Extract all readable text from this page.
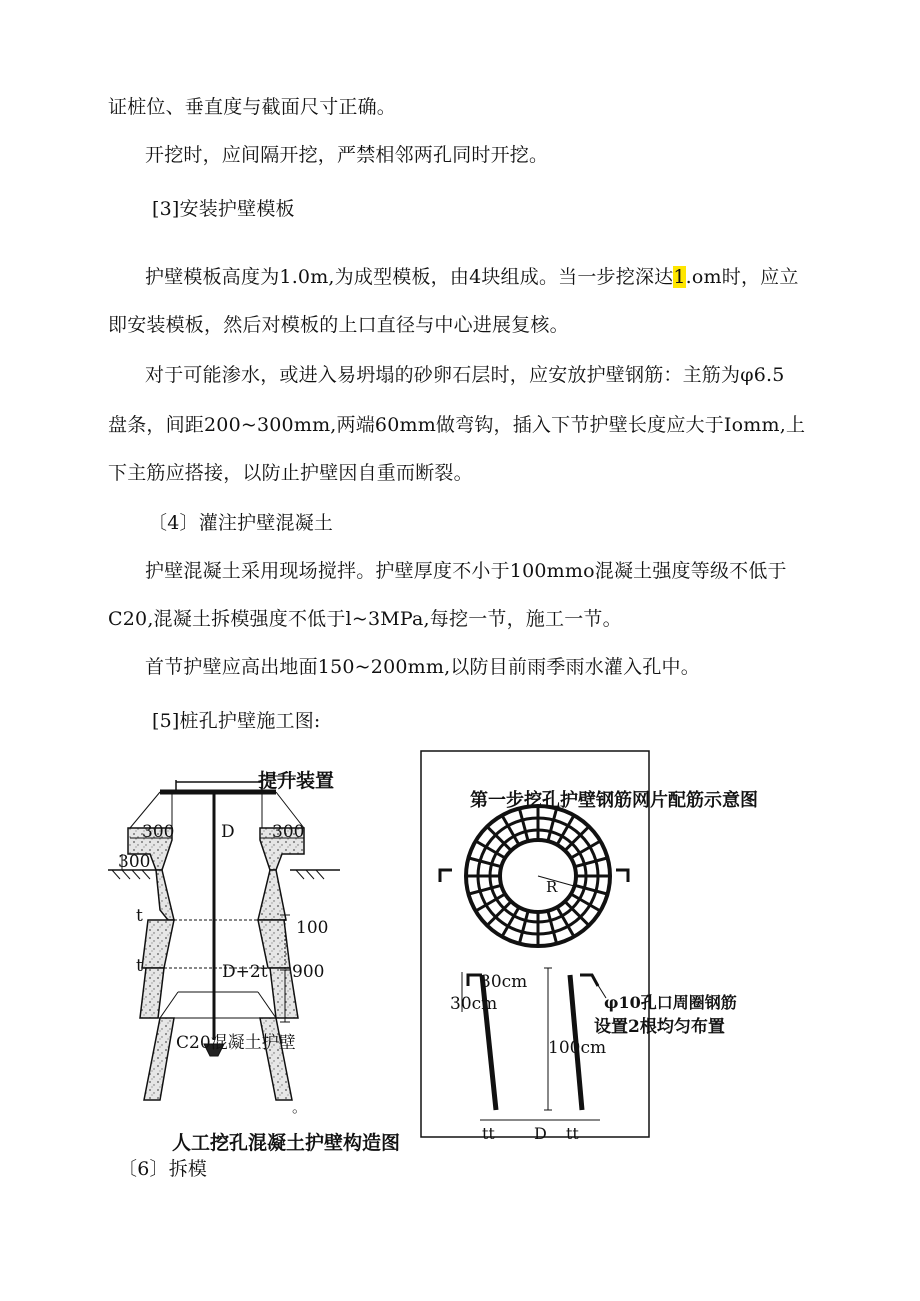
证桩位、垂直度与截面尺寸正确。
开挖时，应间隔开挖，严禁相邻两孔同时开挖。
[3]安装护壁模板
护壁模板高度为1.0m,为成型模板，由4块组成。当一步挖深达1.om时，应立
即安装模板，然后对模板的上口直径与中心进展复核。
对于可能渗水，或进入易坍塌的砂卵石层时，应安放护壁钢筋：主筋为φ6.5
盘条，间距200~300mm,两端60mm做弯钩，插入下节护壁长度应大于Iomm,上
下主筋应搭接，以防止护壁因自重而断裂。
〔4〕灌注护壁混凝土
护壁混凝土采用现场搅拌。护壁厚度不小于100mmo混凝土强度等级不低于
C20,混凝土拆模强度不低于l~3MPa,每挖一节，施工一节。
首节护壁应高出地面150~200mm,以防目前雨季雨水灌入孔中。
[5]桩孔护壁施工图:
提升装置
300	D 300
300
t
t
100
D+2t 900
C20混凝土护壁
。
人工挖孔混凝土护壁构造图
第一步挖孔护壁钢筋网片配筋示意图
R
30cm
30cm	φ10孔口周圈钢筋
设置2根均匀布置
100cm
tt D tt
〔6〕拆模
